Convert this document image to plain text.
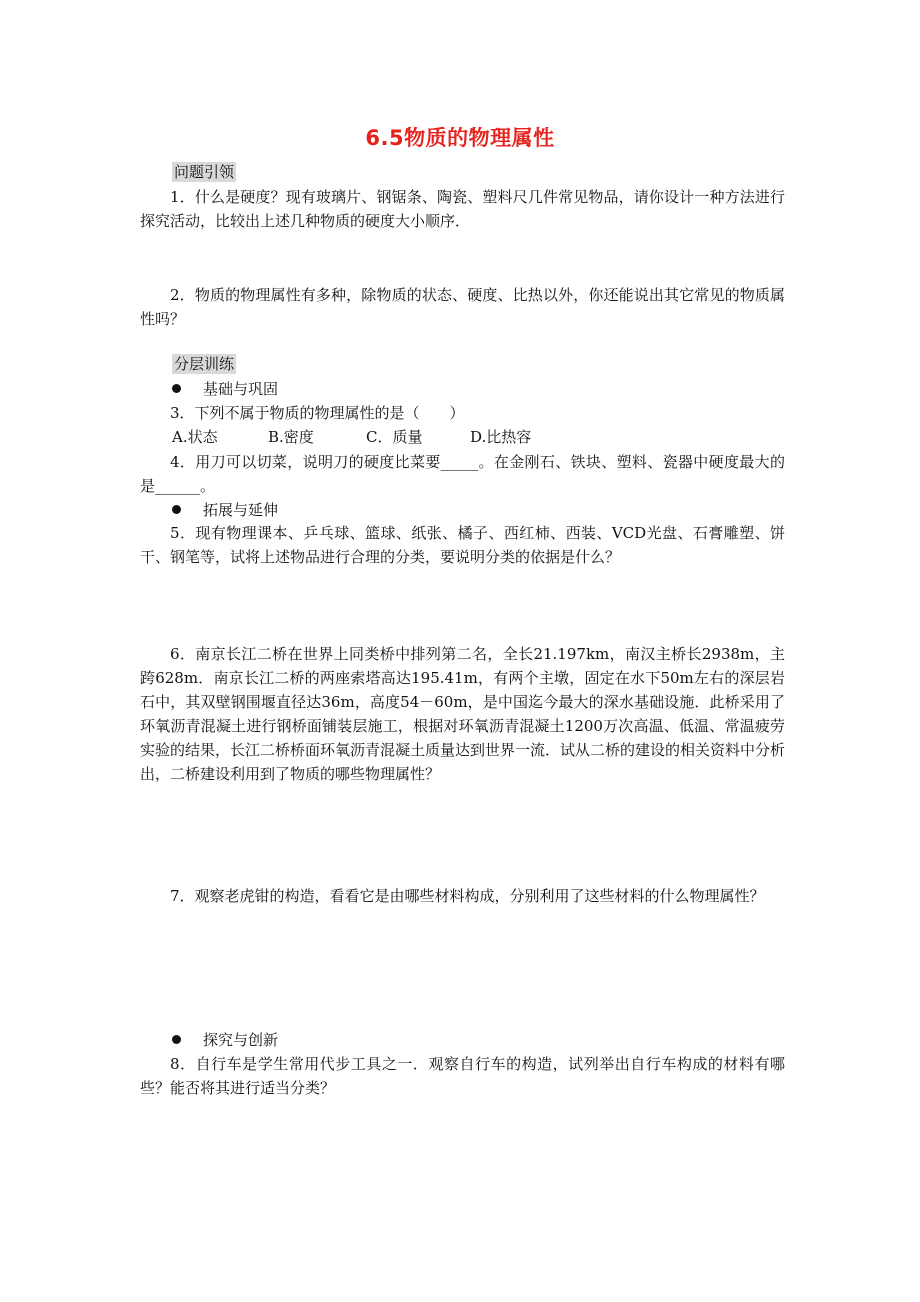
6.5物质的物理属性
问题引领

1．什么是硬度？现有玻璃片、钢锯条、陶瓷、塑料尺几件常见物品，请你设计一种方法进行探究活动，比较出上述几种物质的硬度大小顺序．

2．物质的物理属性有多种，除物质的状态、硬度、比热以外，你还能说出其它常见的物质属性吗？

分层训练
基础与巩固

3．下列不属于物质的物理属性的是（　　）

A.状态	B.密度	C．质量	D.比热容

4．用刀可以切菜，说明刀的硬度比菜要_____。在金刚石、铁块、塑料、瓷器中硬度最大的是______。

拓展与延伸

5．现有物理课本、乒乓球、篮球、纸张、橘子、西红柿、西装、VCD光盘、石膏雕塑、饼干、钢笔等，试将上述物品进行合理的分类，要说明分类的依据是什么？

6．南京长江二桥在世界上同类桥中排列第二名，全长21.197km，南汉主桥长2938m，主跨628m．南京长江二桥的两座索塔高达195.41m，有两个主墩，固定在水下50m左右的深层岩石中，其双壁钢围堰直径达36m，高度54－60m，是中国迄今最大的深水基础设施．此桥采用了环氧沥青混凝土进行钢桥面铺装层施工，根据对环氧沥青混凝土1200万次高温、低温、常温疲劳实验的结果，长江二桥桥面环氧沥青混凝土质量达到世界一流．试从二桥的建设的相关资料中分析出，二桥建设利用到了物质的哪些物理属性？

7．观察老虎钳的构造，看看它是由哪些材料构成，分别利用了这些材料的什么物理属性？

探究与创新

8．自行车是学生常用代步工具之一．观察自行车的构造，试列举出自行车构成的材料有哪些？能否将其进行适当分类？
